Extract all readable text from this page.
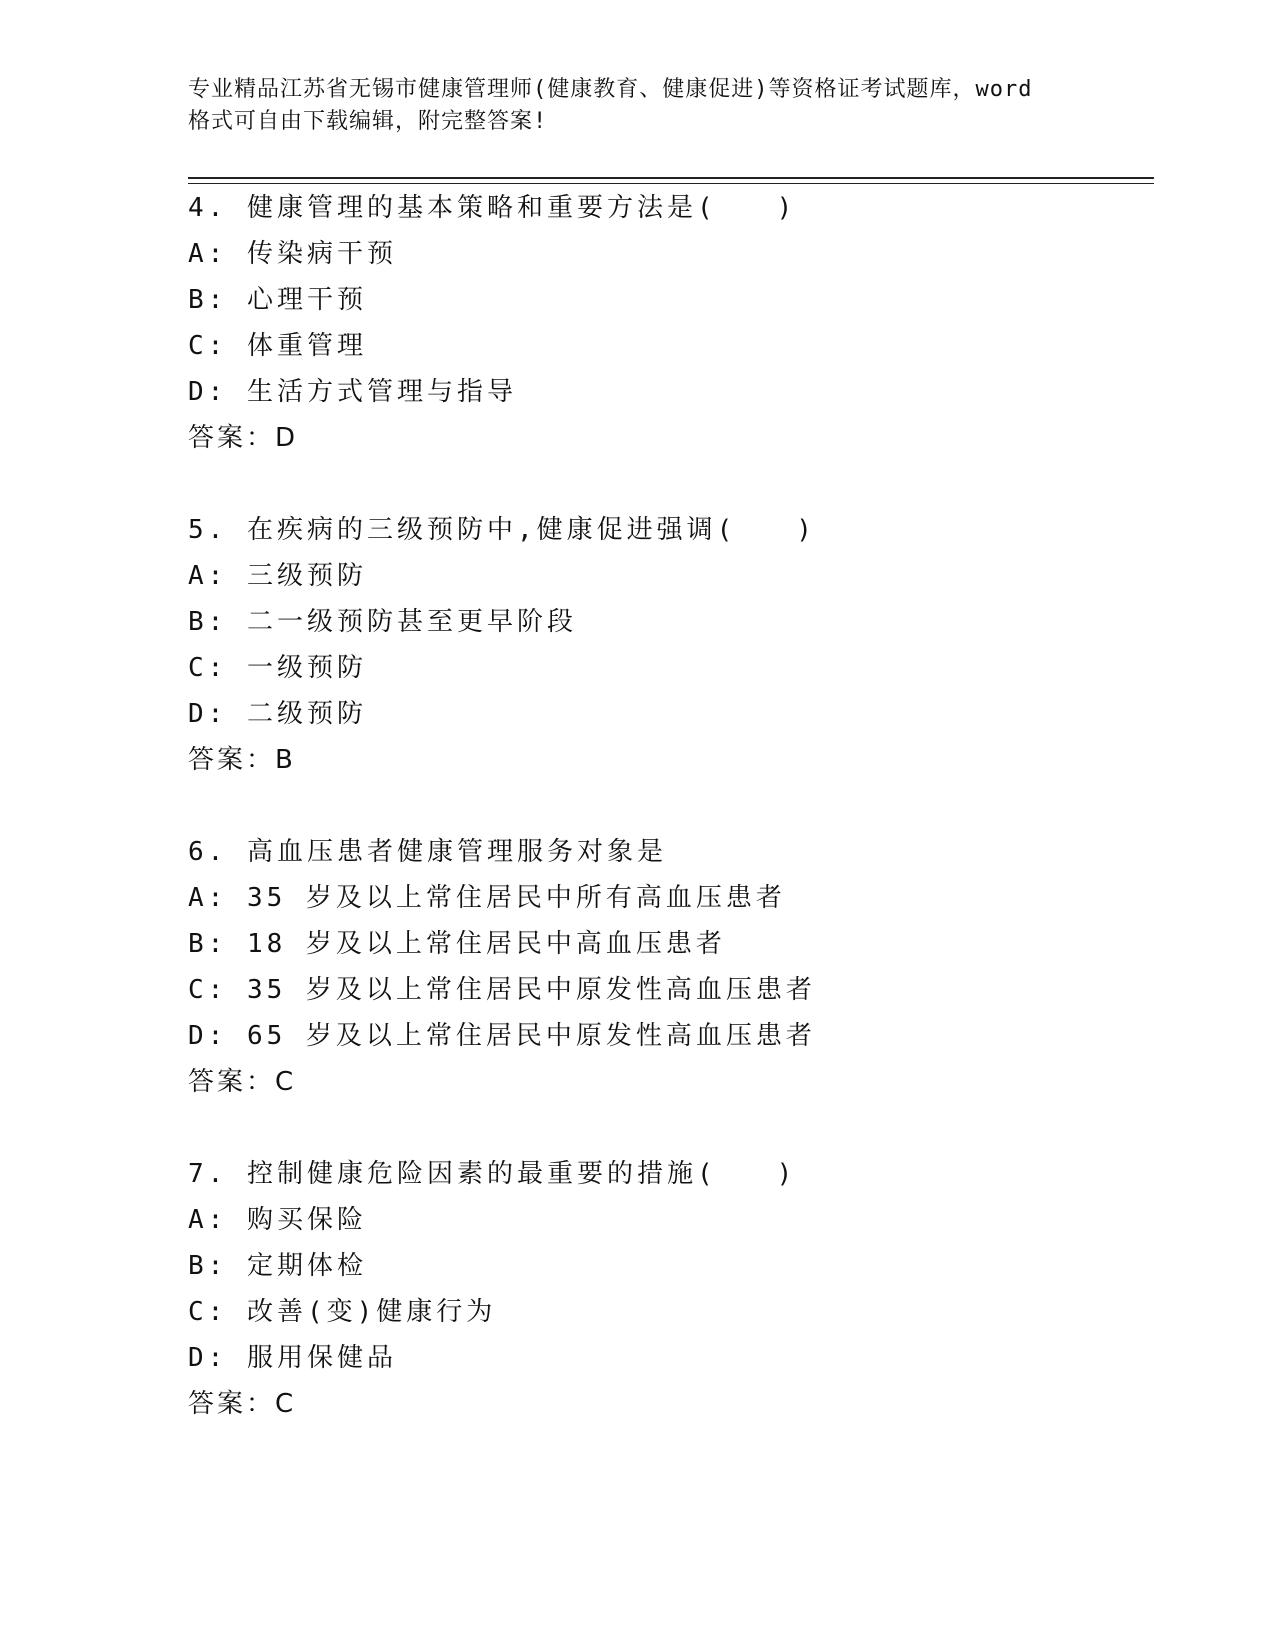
专业精品江苏省无锡市健康管理师(健康教育、健康促进)等资格证考试题库，word
格式可自由下载编辑，附完整答案!
4. 健康管理的基本策略和重要方法是(　　)
A: 传染病干预
B: 心理干预
C: 体重管理
D: 生活方式管理与指导
答案：D
5. 在疾病的三级预防中,健康促进强调(　　)
A: 三级预防
B: 二一级预防甚至更早阶段
C: 一级预防
D: 二级预防
答案：B
6. 高血压患者健康管理服务对象是
A: 35 岁及以上常住居民中所有高血压患者
B: 18 岁及以上常住居民中高血压患者
C: 35 岁及以上常住居民中原发性高血压患者
D: 65 岁及以上常住居民中原发性高血压患者
答案：C
7. 控制健康危险因素的最重要的措施(　　)
A: 购买保险
B: 定期体检
C: 改善(变)健康行为
D: 服用保健品
答案：C
